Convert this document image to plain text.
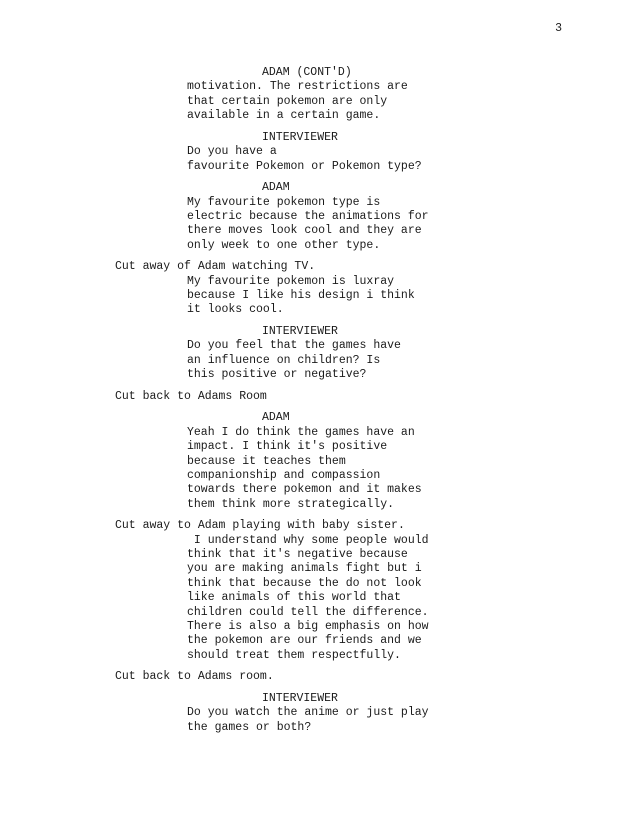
3
ADAM (CONT'D)
motivation. The restrictions are
that certain pokemon are only
available in a certain game.
INTERVIEWER
Do you have a
favourite Pokemon or Pokemon type?
ADAM
My favourite pokemon type is
electric because the animations for
there moves look cool and they are
only week to one other type.
Cut away of Adam watching TV.
My favourite pokemon is luxray
because I like his design i think
it looks cool.
INTERVIEWER
Do you feel that the games have
an influence on children? Is
this positive or negative?
Cut back to Adams Room
ADAM
Yeah I do think the games have an
impact. I think it's positive
because it teaches them
companionship and compassion
towards there pokemon and it makes
them think more strategically.
Cut away to Adam playing with baby sister.
I understand why some people would
think that it's negative because
you are making animals fight but i
think that because the do not look
like animals of this world that
children could tell the difference.
There is also a big emphasis on how
the pokemon are our friends and we
should treat them respectfully.
Cut back to Adams room.
INTERVIEWER
Do you watch the anime or just play
the games or both?
